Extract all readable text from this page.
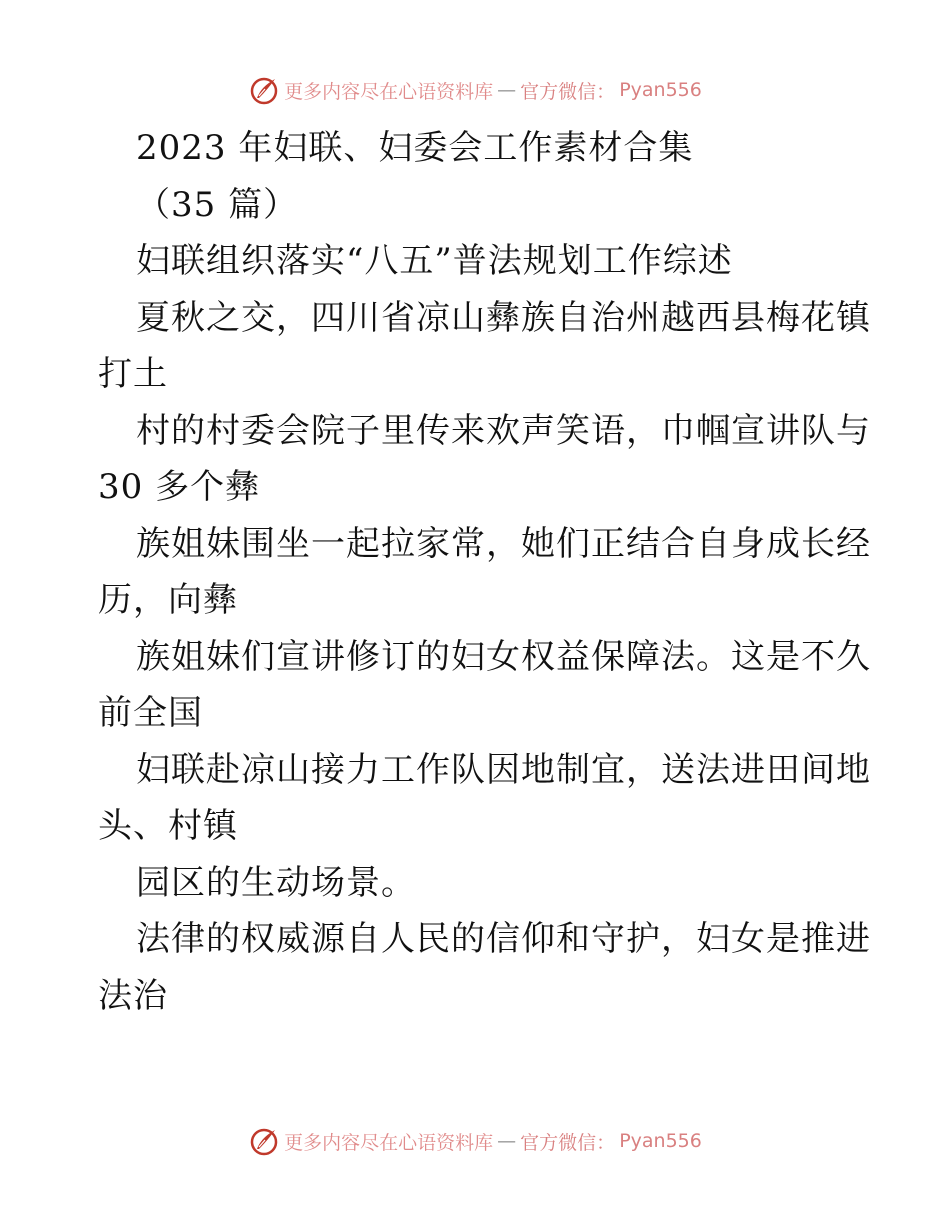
更多内容尽在心语资料库 — 官方微信： Pyan556
2023 年妇联、妇委会工作素材合集
（35 篇）
妇联组织落实“八五”普法规划工作综述
夏秋之交，四川省凉山彝族自治州越西县梅花镇
打土
村的村委会院子里传来欢声笑语，巾帼宣讲队与
30 多个彝
族姐妹围坐一起拉家常，她们正结合自身成长经
历，向彝
族姐妹们宣讲修订的妇女权益保障法。这是不久
前全国
妇联赴凉山接力工作队因地制宜，送法进田间地
头、村镇
园区的生动场景。
法律的权威源自人民的信仰和守护，妇女是推进
法治
更多内容尽在心语资料库 — 官方微信： Pyan556
